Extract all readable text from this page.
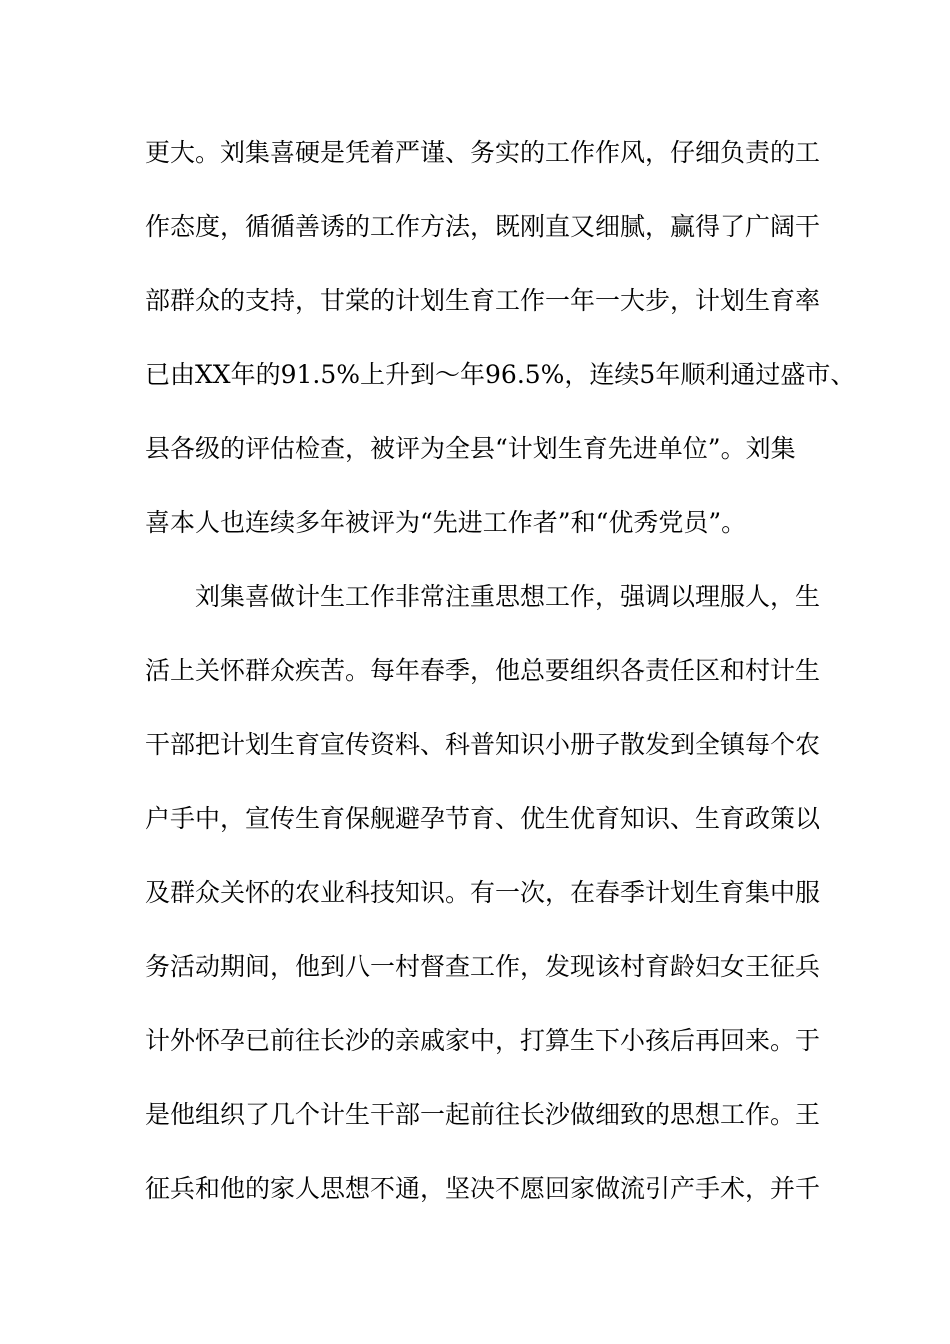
更大。刘集喜硬是凭着严谨、务实的工作作风，仔细负责的工
作态度，循循善诱的工作方法，既刚直又细腻，赢得了广阔干
部群众的支持，甘棠的计划生育工作一年一大步，计划生育率
已由XX年的91.5%上升到～年96.5%，连续5年顺利通过盛市、
县各级的评估检查，被评为全县“计划生育先进单位”。刘集
喜本人也连续多年被评为“先进工作者”和“优秀党员”。
刘集喜做计生工作非常注重思想工作，强调以理服人，生
活上关怀群众疾苦。每年春季，他总要组织各责任区和村计生
干部把计划生育宣传资料、科普知识小册子散发到全镇每个农
户手中，宣传生育保舰避孕节育、优生优育知识、生育政策以
及群众关怀的农业科技知识。有一次，在春季计划生育集中服
务活动期间，他到八一村督查工作，发现该村育龄妇女王征兵
计外怀孕已前往长沙的亲戚家中，打算生下小孩后再回来。于
是他组织了几个计生干部一起前往长沙做细致的思想工作。王
征兵和他的家人思想不通，坚决不愿回家做流引产手术，并千
